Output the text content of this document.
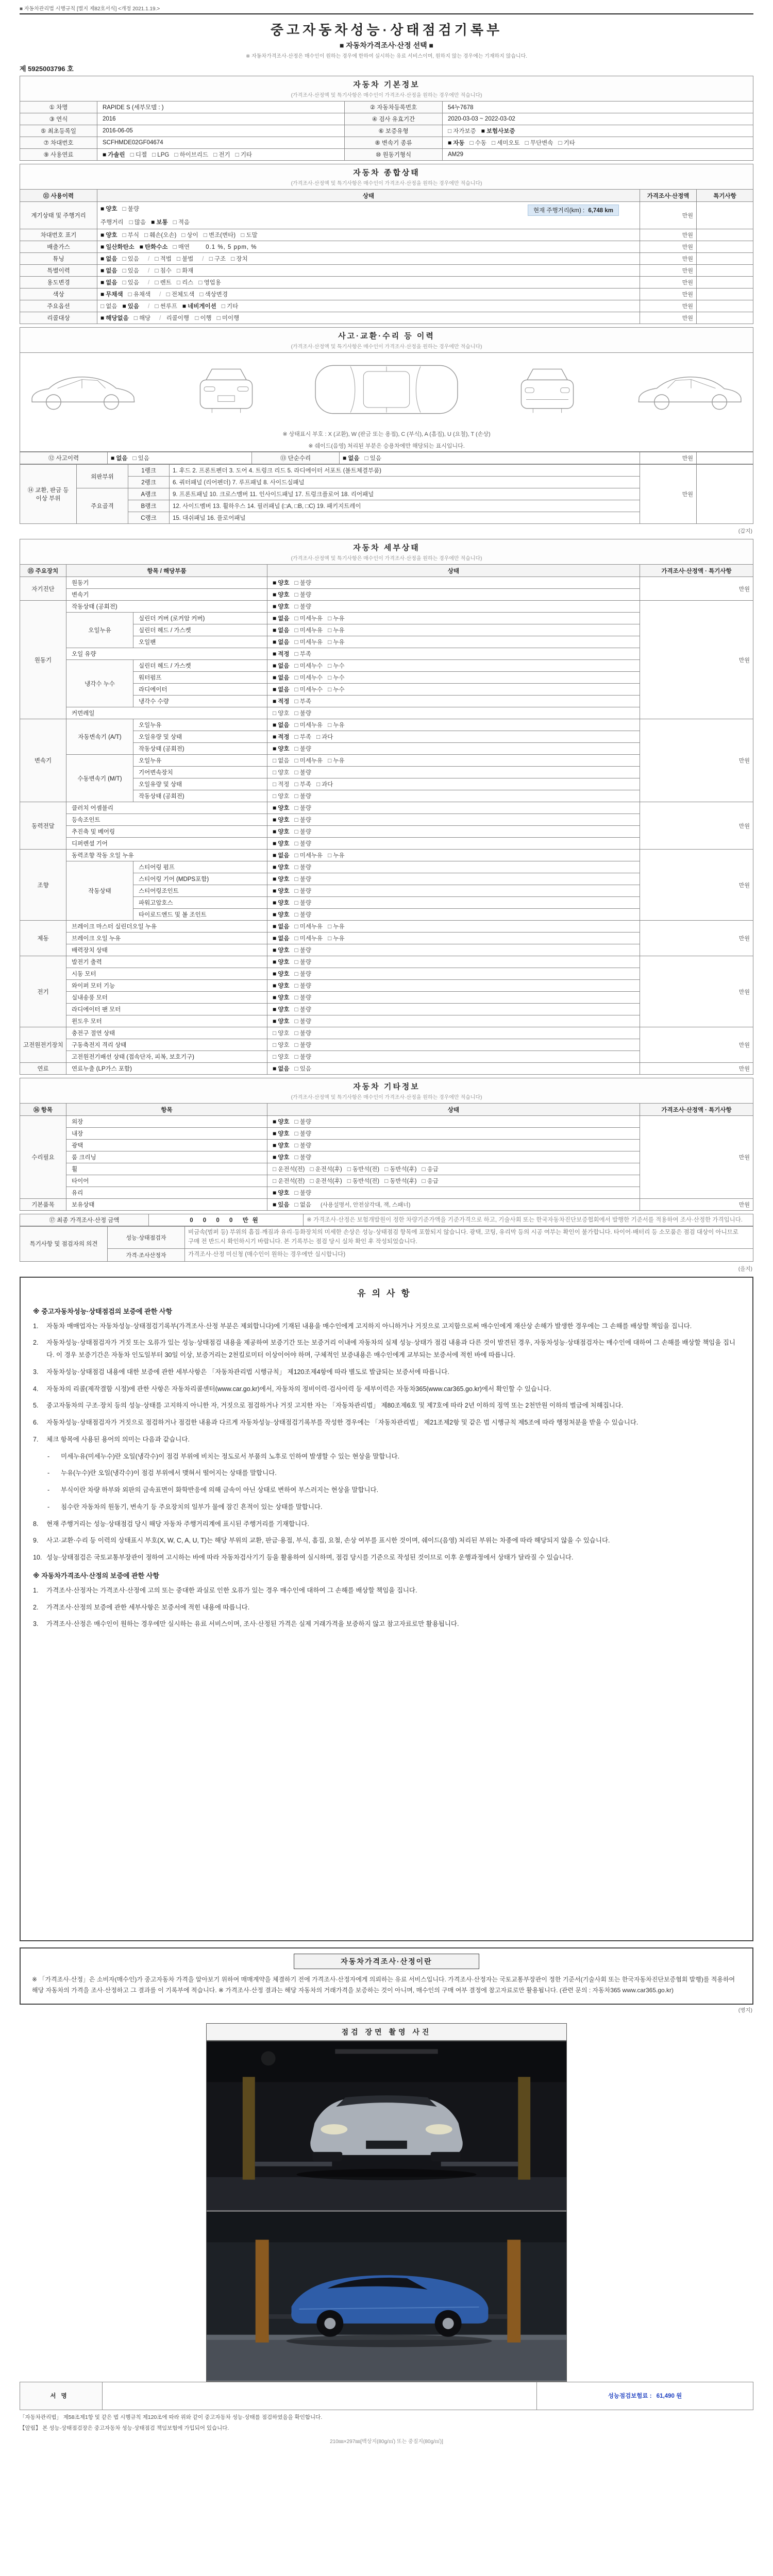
■ 자동차관리법 시행규칙 [별지 제82호서식] <개정 2021.1.19.>
중고자동차성능·상태점검기록부
■ 자동차가격조사·산정 선택 ■
※ 자동차가격조사·산정은 매수인이 원하는 경우에 한하여 실시하는 유료 서비스이며, 원하지 않는 경우에는 기재하지 않습니다.
제 5925003796 호
자동차 기본정보
(가격조사·산정액 및 특기사항은 매수인이 가격조사·산정을 원하는 경우에만 적습니다)			

① 차명	RAPIDE S (세부모델 : )	② 자동차등록번호	54누7678
③ 연식	2016	④ 검사 유효기간	2020-03-03 ~ 2022-03-02
⑤ 최초등록일	2016-06-05	⑥ 보증유형	□ 자가보증 ■ 보험사보증
⑦ 차대번호	SCFHMDE02GF04674	⑧ 변속기 종류	■ 자동 □ 수동 □ 세미오토 □ 무단변속 □ 기타
⑨ 사용연료	■ 가솔린 □ 디젤 □ LPG □ 하이브리드 □ 전기 □ 기타	⑩ 원동기형식	AM29
자동차 종합상태
(가격조사·산정액 및 특기사항은 매수인이 가격조사·산정을 원하는 경우에만 적습니다)			

⑪ 사용이력	상태	가격조사·산정액	특기사항
계기상태 및 주행거리	■ 양호 □ 불량 현재 주행거리(km) : 6,748 km
주행거리 □ 많음 ■ 보통 □ 적음	만원	
차대번호 표기	■ 양호 □ 부식 □ 훼손(오손) □ 상이 □ 변조(변타) □ 도말	만원	
배출가스	■ 일산화탄소 ■ 탄화수소 □ 매연 0.1 %, 5 ppm, %	만원	
튜닝	■ 없음 □ 있음 / □ 적법 □ 불법 / □ 구조 □ 장치	만원	
특별이력	■ 없음 □ 있음 / □ 침수 □ 화재	만원	
용도변경	■ 없음 □ 있음 / □ 렌트 □ 리스 □ 영업용	만원	
색상	■ 무채색 □ 유채색 / □ 전체도색 □ 색상변경	만원	
주요옵션	□ 없음 ■ 있음 / □ 썬루프 ■ 네비게이션 □ 기타	만원	
리콜대상	■ 해당없음 □ 해당 / 리콜이행 □ 이행 □ 미이행	만원	
사고·교환·수리 등 이력
(가격조사·산정액 및 특기사항은 매수인이 가격조사·산정을 원하는 경우에만 적습니다)

※ 상태표시 부호 : X (교환), W (판금 또는 용접), C (부식), A (흠집), U (요철), T (손상)
※ 쉐이드(음영) 처리된 부분은 승용차에만 해당되는 표시입니다.
⑫ 사고이력	■ 없음 □ 있음	⑬ 단순수리	■ 없음 □ 있음	만원	
⑭ 교환, 판금 등 이상 부위	외판부위	1랭크	1. 후드 2. 프론트펜더 3. 도어 4. 트렁크 리드 5. 라디에이터 서포트 (볼트체결부품)	만원	
		2랭크	6. 쿼터패널 (리어펜더) 7. 루프패널 8. 사이드실패널		
	주요골격	A랭크	9. 프론트패널 10. 크로스멤버 11. 인사이드패널 17. 트렁크플로어 18. 리어패널		
		B랭크	12. 사이드멤버 13. 휠하우스 14. 필러패널 (□A, □B, □C) 19. 패키지트레이		
		C랭크	15. 대쉬패널 16. 플로어패널		
(갑지)
자동차 세부상태
(가격조사·산정액 및 특기사항은 매수인이 가격조사·산정을 원하는 경우에만 적습니다)				

⑮ 주요장치	항목 / 해당부품		상태	가격조사·산정액 · 특기사항
자기진단	원동기		■ 양호 □ 불량	만원
	변속기		■ 양호 □ 불량	
원동기	작동상태 (공회전)		■ 양호 □ 불량	만원
	오일누유	실린더 커버 (로커암 커버)	■ 없음 □ 미세누유 □ 누유	
		실린더 헤드 / 가스켓	■ 없음 □ 미세누유 □ 누유	
		오일팬	■ 없음 □ 미세누유 □ 누유	
	오일 유량		■ 적정 □ 부족	
	냉각수 누수	실린더 헤드 / 가스켓	■ 없음 □ 미세누수 □ 누수	
		워터펌프	■ 없음 □ 미세누수 □ 누수	
		라디에이터	■ 없음 □ 미세누수 □ 누수	
		냉각수 수량	■ 적정 □ 부족	
	커먼레일		□ 양호 □ 불량	
변속기	자동변속기 (A/T)	오일누유	■ 없음 □ 미세누유 □ 누유	만원
		오일유량 및 상태	■ 적정 □ 부족 □ 과다	
		작동상태 (공회전)	■ 양호 □ 불량	
	수동변속기 (M/T)	오일누유	□ 없음 □ 미세누유 □ 누유	
		기어변속장치	□ 양호 □ 불량	
		오일유량 및 상태	□ 적정 □ 부족 □ 과다	
		작동상태 (공회전)	□ 양호 □ 불량	
동력전달	클러치 어셈블리		■ 양호 □ 불량	만원
	등속조인트		■ 양호 □ 불량	
	추진축 및 베어링		■ 양호 □ 불량	
	디퍼렌셜 기어		■ 양호 □ 불량	
조향	동력조향 작동 오일 누유		■ 없음 □ 미세누유 □ 누유	만원
	작동상태	스티어링 펌프	■ 양호 □ 불량	
		스티어링 기어 (MDPS포함)	■ 양호 □ 불량	
		스티어링조인트	■ 양호 □ 불량	
		파워고압호스	■ 양호 □ 불량	
		타이로드엔드 및 볼 조인트	■ 양호 □ 불량	
제동	브레이크 마스터 실린더오일 누유		■ 없음 □ 미세누유 □ 누유	만원
	브레이크 오일 누유		■ 없음 □ 미세누유 □ 누유	
	배력장치 상태		■ 양호 □ 불량	
전기	발전기 출력		■ 양호 □ 불량	만원
	시동 모터		■ 양호 □ 불량	
	와이퍼 모터 기능		■ 양호 □ 불량	
	실내송풍 모터		■ 양호 □ 불량	
	라디에이터 팬 모터		■ 양호 □ 불량	
	윈도우 모터		■ 양호 □ 불량	
고전원전기장치	충전구 절연 상태		□ 양호 □ 불량	만원
	구동축전지 격리 상태		□ 양호 □ 불량	
	고전원전기배선 상태 (접속단자, 피복, 보호기구)		□ 양호 □ 불량	
연료	연료누출 (LP가스 포함)		■ 없음 □ 있음	만원
자동차 기타정보
(가격조사·산정액 및 특기사항은 매수인이 가격조사·산정을 원하는 경우에만 적습니다)			

⑯ 항목	항목	상태	가격조사·산정액 · 특기사항
수리필요	외장	■ 양호 □ 불량	만원
	내장	■ 양호 □ 불량	
	광택	■ 양호 □ 불량	
	룸 크리닝	■ 양호 □ 불량	
	휠	□ 운전석(전) □ 운전석(후) □ 동반석(전) □ 동반석(후) □ 응급	
	타이어	□ 운전석(전) □ 운전석(후) □ 동반석(전) □ 동반석(후) □ 응급	
	유리	■ 양호 □ 불량	
기본품목	보유상태	■ 있음 □ 없음 (사용설명서, 안전삼각대, 잭, 스패너)	만원
⑰ 최종 가격조사·산정 금액	0 0 0 0 만원	※ 가격조사·산정은 보험개발원이 정한 차량기준가액을 기준가격으로 하고, 기술사회 또는 한국자동차진단보증협회에서 발행한 기준서를 적용하여 조사·산정한 가격입니다.
특기사항 및 점검자의 의견	성능·상태점검자	비금속(범퍼 등) 부위의 흠집·깨짐과 유리·등화장치의 미세한 손상은 성능·상태점검 항목에 포함되지 않습니다. 광택, 코팅, 유리막 등의 시공 여부는 확인이 불가합니다. 타이어·배터리 등 소모품은 점검 대상이 아니므로 구매 전 반드시 확인하시기 바랍니다. 본 기록부는 점검 당시 실차 확인 후 작성되었습니다.
	가격·조사산정자	가격조사·산정 미신청 (매수인이 원하는 경우에만 실시합니다)
(을지)
유의사항
※ 중고자동차성능·상태점검의 보증에 관한 사항
1.	자동차 매매업자는 자동차성능·상태점검기록부(가격조사·산정 부분은 제외합니다)에 기재된 내용을 매수인에게 고지하지 아니하거나 거짓으로 고지함으로써 매수인에게 재산상 손해가 발생한 경우에는 그 손해를 배상할 책임을 집니다.
2.	자동차성능·상태점검자가 거짓 또는 오류가 있는 성능·상태점검 내용을 제공하여 보증기간 또는 보증거리 이내에 자동차의 실제 성능·상태가 점검 내용과 다른 것이 발견된 경우, 자동차성능·상태점검자는 매수인에 대하여 그 손해를 배상할 책임을 집니다. 이 경우 보증기간은 자동차 인도일부터 30일 이상, 보증거리는 2천킬로미터 이상이어야 하며, 구체적인 보증내용은 매수인에게 교부되는 보증서에 적힌 바에 따릅니다.
3.	자동차성능·상태점검 내용에 대한 보증에 관한 세부사항은 「자동차관리법 시행규칙」 제120조제4항에 따라 별도로 발급되는 보증서에 따릅니다.
4.	자동차의 리콜(제작결함 시정)에 관한 사항은 자동차리콜센터(www.car.go.kr)에서, 자동차의 정비이력·검사이력 등 세부이력은 자동차365(www.car365.go.kr)에서 확인할 수 있습니다.
5.	중고자동차의 구조·장치 등의 성능·상태를 고지하지 아니한 자, 거짓으로 점검하거나 거짓 고지한 자는 「자동차관리법」 제80조제6호 및 제7호에 따라 2년 이하의 징역 또는 2천만원 이하의 벌금에 처해집니다.
6.	자동차성능·상태점검자가 거짓으로 점검하거나 점검한 내용과 다르게 자동차성능·상태점검기록부를 작성한 경우에는 「자동차관리법」 제21조제2항 및 같은 법 시행규칙 제5조에 따라 행정처분을 받을 수 있습니다.
7.	체크 항목에 사용된 용어의 의미는 다음과 같습니다.
-	미세누유(미세누수)란 오일(냉각수)이 점검 부위에 비치는 정도로서 부품의 노후로 인하여 발생할 수 있는 현상을 말합니다.
-	누유(누수)란 오일(냉각수)이 점검 부위에서 맺혀서 떨어지는 상태를 말합니다.
-	부식이란 차량 하부와 외판의 금속표면이 화학반응에 의해 금속이 아닌 상태로 변하여 부스러지는 현상을 말합니다.
-	침수란 자동차의 원동기, 변속기 등 주요장치의 일부가 물에 잠긴 흔적이 있는 상태를 말합니다.
8.	현재 주행거리는 성능·상태점검 당시 해당 자동차 주행거리계에 표시된 주행거리를 기재합니다.
9.	사고·교환·수리 등 이력의 상태표시 부호(X, W, C, A, U, T)는 해당 부위의 교환, 판금·용접, 부식, 흠집, 요철, 손상 여부를 표시한 것이며, 쉐이드(음영) 처리된 부위는 차종에 따라 해당되지 않을 수 있습니다.
10. 성능·상태점검은 국토교통부장관이 정하여 고시하는 바에 따라 자동차검사기기 등을 활용하여 실시하며, 점검 당시를 기준으로 작성된 것이므로 이후 운행과정에서 상태가 달라질 수 있습니다.
※ 자동차가격조사·산정의 보증에 관한 사항
1.	가격조사·산정자는 가격조사·산정에 고의 또는 중대한 과실로 인한 오류가 있는 경우 매수인에 대하여 그 손해를 배상할 책임을 집니다.
2.	가격조사·산정의 보증에 관한 세부사항은 보증서에 적힌 내용에 따릅니다.
3.	가격조사·산정은 매수인이 원하는 경우에만 실시하는 유료 서비스이며, 조사·산정된 가격은 실제 거래가격을 보증하지 않고 참고자료로만 활용됩니다.
자동차가격조사·산정이란
※ 「가격조사·산정」은 소비자(매수인)가 중고자동차 가격을 알아보기 위하여 매매계약을 체결하기 전에 가격조사·산정자에게 의뢰하는 유료 서비스입니다. 가격조사·산정자는 국토교통부장관이 정한 기준서(기술사회 또는 한국자동차진단보증협회 발행)를 적용하여 해당 자동차의 가격을 조사·산정하고 그 결과를 이 기록부에 적습니다. ※ 가격조사·산정 결과는 해당 자동차의 거래가격을 보증하는 것이 아니며, 매수인의 구매 여부 결정에 참고자료로만 활용됩니다. (관련 문의 : 자동차365 www.car365.go.kr)
(병지)
점검 장면 촬영 사진
서명		성능점검보험료 : 61,490 원
「자동차관리법」 제58조제1항 및 같은 법 시행규칙 제120조에 따라 위와 같이 중고자동차 성능·상태를 점검하였음을 확인합니다.
【알림】 본 성능·상태점검장은 중고자동차 성능·상태점검 책임보험에 가입되어 있습니다.
210㎜×297㎜[백상지(80g/㎡) 또는 중질지(80g/㎡)]
